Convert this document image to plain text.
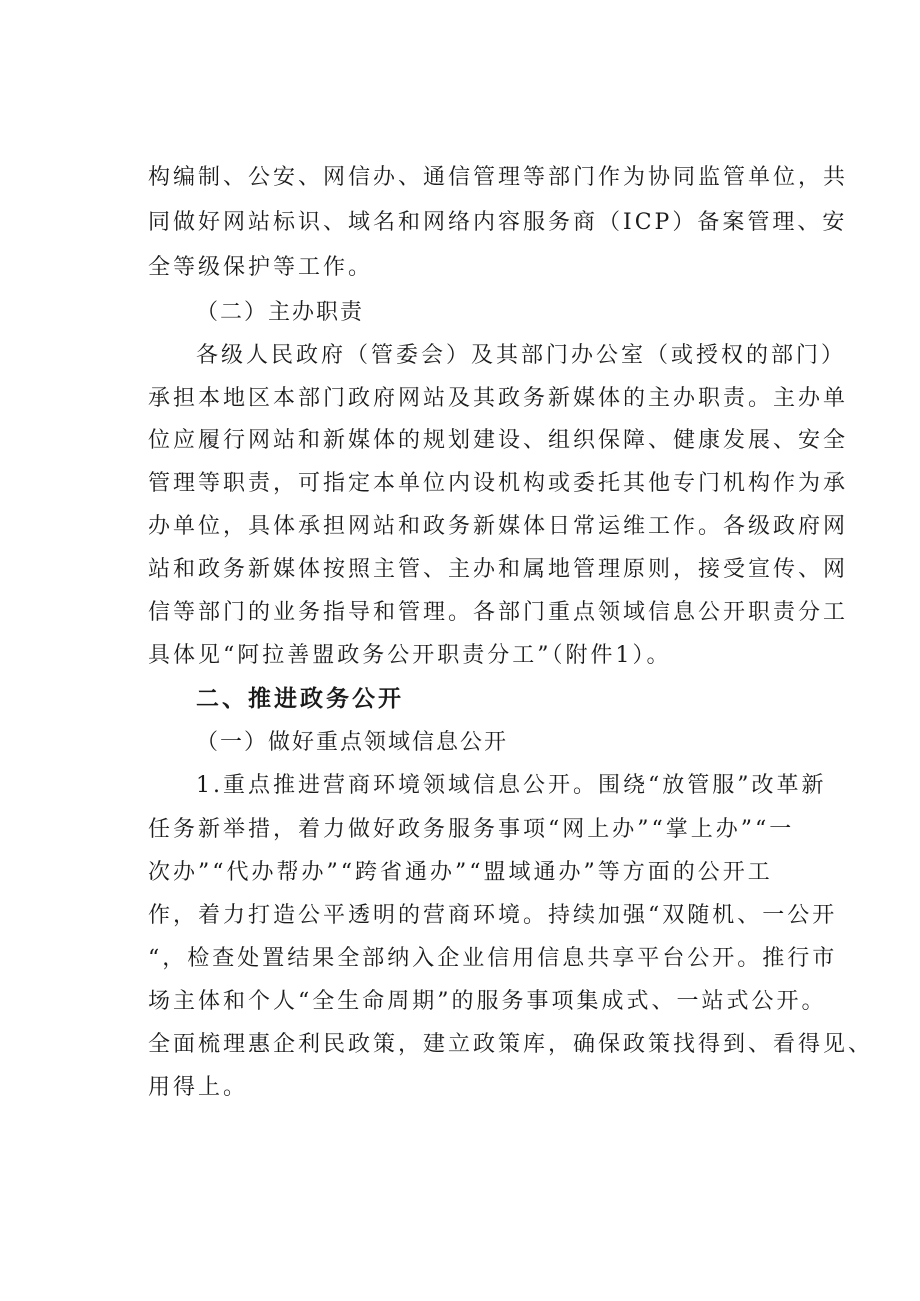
构编制、公安、网信办、通信管理等部门作为协同监管单位，共
同做好网站标识、域名和网络内容服务商（ICP）备案管理、安
全等级保护等工作。
（二）主办职责
各级人民政府（管委会）及其部门办公室（或授权的部门）
承担本地区本部门政府网站及其政务新媒体的主办职责。主办单
位应履行网站和新媒体的规划建设、组织保障、健康发展、安全
管理等职责，可指定本单位内设机构或委托其他专门机构作为承
办单位，具体承担网站和政务新媒体日常运维工作。各级政府网
站和政务新媒体按照主管、主办和属地管理原则，接受宣传、网
信等部门的业务指导和管理。各部门重点领域信息公开职责分工
具体见“阿拉善盟政务公开职责分工”（附件1）。
二、推进政务公开
（一）做好重点领域信息公开
1.重点推进营商环境领域信息公开。围绕“放管服”改革新
任务新举措，着力做好政务服务事项“网上办”“掌上办”“一
次办”“代办帮办”“跨省通办”“盟域通办”等方面的公开工
作，着力打造公平透明的营商环境。持续加强“双随机、一公开
“，检查处置结果全部纳入企业信用信息共享平台公开。推行市
场主体和个人“全生命周期”的服务事项集成式、一站式公开。
全面梳理惠企利民政策，建立政策库，确保政策找得到、看得见、
用得上。
